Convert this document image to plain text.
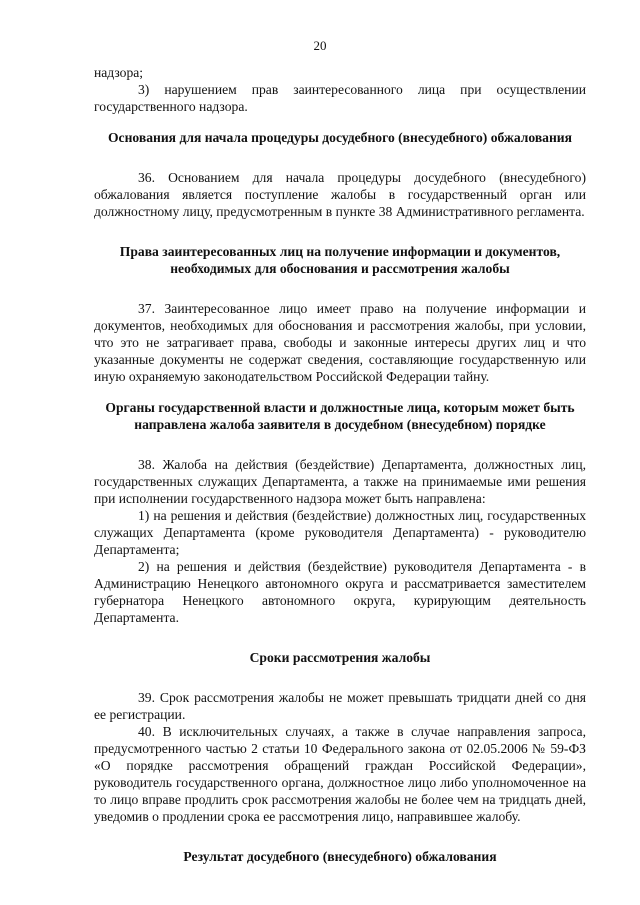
20

надзора;

3) нарушением прав заинтересованного лица при осуществлении государственного надзора.

Основания для начала процедуры досудебного (внесудебного) обжалования

36. Основанием для начала процедуры досудебного (внесудебного) обжалования является поступление жалобы в государственный орган или должностному лицу, предусмотренным в пункте 38 Административного регламента.

Права заинтересованных лиц на получение информации и документов, необходимых для обоснования и рассмотрения жалобы

37. Заинтересованное лицо имеет право на получение информации и документов, необходимых для обоснования и рассмотрения жалобы, при условии, что это не затрагивает права, свободы и законные интересы других лиц и что указанные документы не содержат сведения, составляющие государственную или иную охраняемую законодательством Российской Федерации тайну.

Органы государственной власти и должностные лица, которым может быть направлена жалоба заявителя в досудебном (внесудебном) порядке

38. Жалоба на действия (бездействие) Департамента, должностных лиц, государственных служащих Департамента, а также на принимаемые ими решения при исполнении государственного надзора может быть направлена:

1) на решения и действия (бездействие) должностных лиц, государственных служащих Департамента (кроме руководителя Департамента) - руководителю Департамента;

2) на решения и действия (бездействие) руководителя Департамента - в Администрацию Ненецкого автономного округа и рассматривается заместителем губернатора Ненецкого автономного округа, курирующим деятельность Департамента.

Сроки рассмотрения жалобы

39. Срок рассмотрения жалобы не может превышать тридцати дней со дня ее регистрации.

40. В исключительных случаях, а также в случае направления запроса, предусмотренного частью 2 статьи 10 Федерального закона от 02.05.2006 № 59-ФЗ «О порядке рассмотрения обращений граждан Российской Федерации», руководитель государственного органа, должностное лицо либо уполномоченное на то лицо вправе продлить срок рассмотрения жалобы не более чем на тридцать дней, уведомив о продлении срока ее рассмотрения лицо, направившее жалобу.

Результат досудебного (внесудебного) обжалования
